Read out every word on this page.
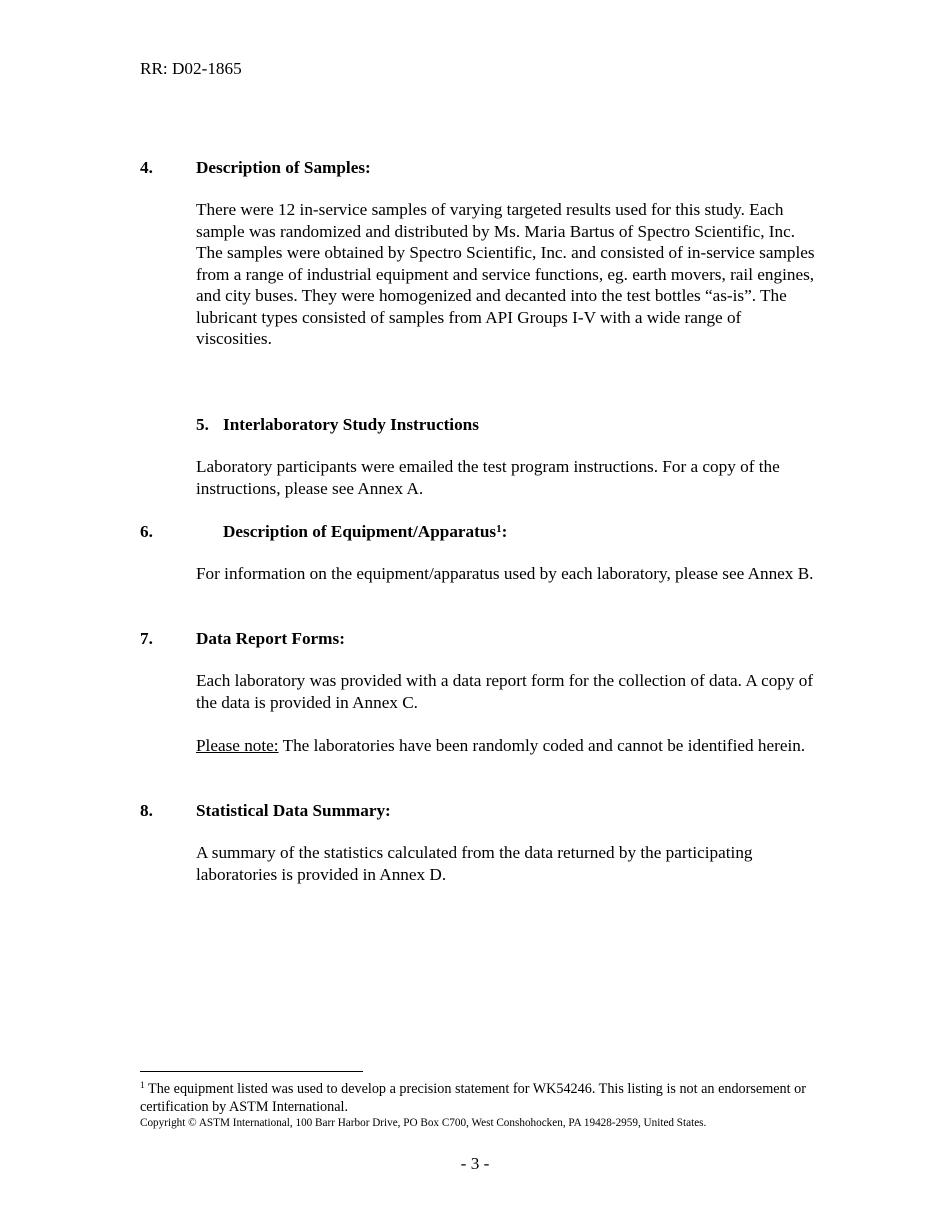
RR: D02-1865
4.	Description of Samples:

There were 12 in-service samples of varying targeted results used for this study. Each sample was randomized and distributed by Ms. Maria Bartus of Spectro Scientific, Inc. The samples were obtained by Spectro Scientific, Inc. and consisted of in-service samples from a range of industrial equipment and service functions, eg. earth movers, rail engines, and city buses. They were homogenized and decanted into the test bottles “as-is”. The lubricant types consisted of samples from API Groups I-V with a wide range of viscosities.

5. Interlaboratory Study Instructions

Laboratory participants were emailed the test program instructions. For a copy of the instructions, please see Annex A.

6.	Description of Equipment/Apparatus$^1$:

For information on the equipment/apparatus used by each laboratory, please see Annex B.

7.	Data Report Forms:

Each laboratory was provided with a data report form for the collection of data. A copy of the data is provided in Annex C.

Please note: The laboratories have been randomly coded and cannot be identified herein.

8.	Statistical Data Summary:

A summary of the statistics calculated from the data returned by the participating laboratories is provided in Annex D.

$^1$ The equipment listed was used to develop a precision statement for WK54246. This listing is not an endorsement or certification by ASTM International.
Copyright © ASTM International, 100 Barr Harbor Drive, PO Box C700, West Conshohocken, PA 19428-2959, United States.
- 3 -
